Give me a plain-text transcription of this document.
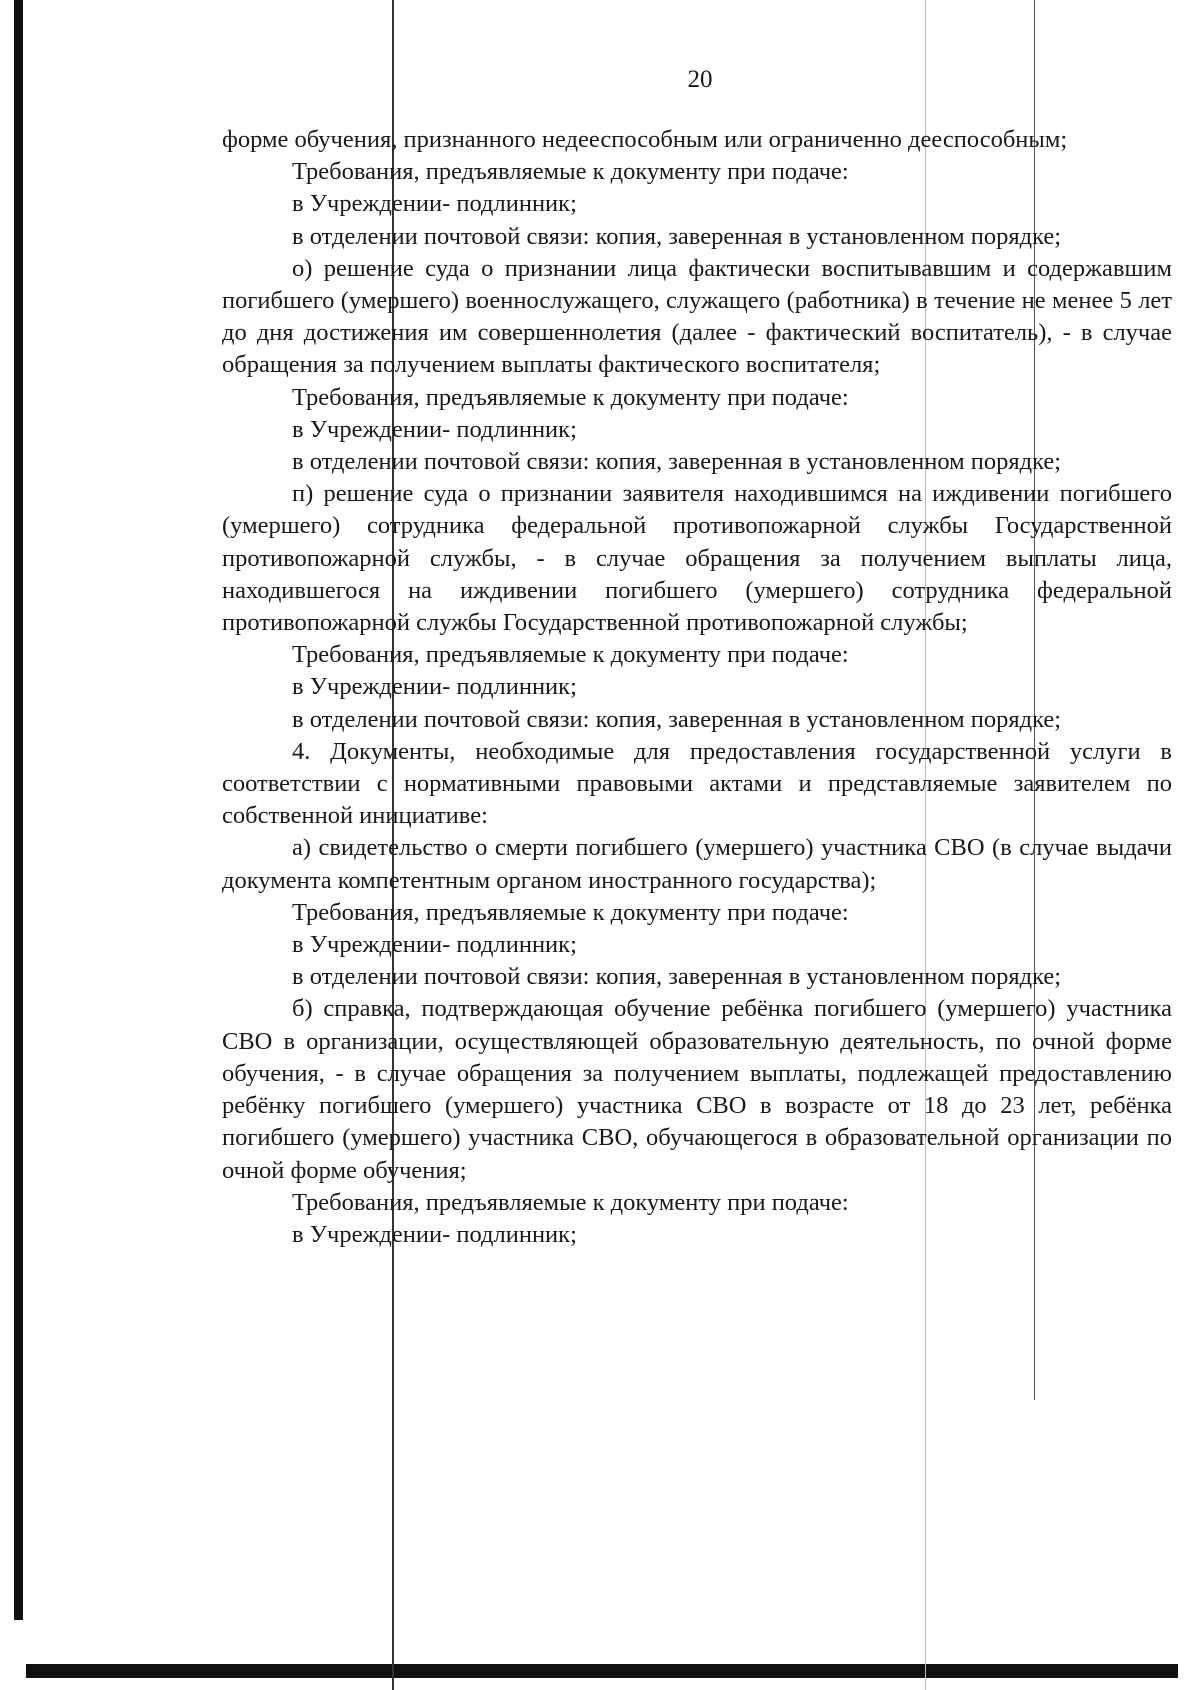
20

форме обучения, признанного недееспособным или ограниченно дееспособным;

Требования, предъявляемые к документу при подаче:

в Учреждении- подлинник;

в отделении почтовой связи: копия, заверенная в установленном порядке;

о) решение суда о признании лица фактически воспитывавшим и содержавшим погибшего (умершего) военнослужащего, служащего (работника) в течение не менее 5 лет до дня достижения им совершеннолетия (далее - фактический воспитатель), - в случае обращения за получением выплаты фактического воспитателя;

Требования, предъявляемые к документу при подаче:

в Учреждении- подлинник;

в отделении почтовой связи: копия, заверенная в установленном порядке;

п) решение суда о признании заявителя находившимся на иждивении погибшего (умершего) сотрудника федеральной противопожарной службы Государственной противопожарной службы, - в случае обращения за получением выплаты лица, находившегося на иждивении погибшего (умершего) сотрудника федеральной противопожарной службы Государственной противопожарной службы;

Требования, предъявляемые к документу при подаче:

в Учреждении- подлинник;

в отделении почтовой связи: копия, заверенная в установленном порядке;

4. Документы, необходимые для предоставления государственной услуги в соответствии с нормативными правовыми актами и представляемые заявителем по собственной инициативе:

а) свидетельство о смерти погибшего (умершего) участника СВО (в случае выдачи документа компетентным органом иностранного государства);

Требования, предъявляемые к документу при подаче:

в Учреждении- подлинник;

в отделении почтовой связи: копия, заверенная в установленном порядке;

б) справка, подтверждающая обучение ребёнка погибшего (умершего) участника СВО в организации, осуществляющей образовательную деятельность, по очной форме обучения, - в случае обращения за получением выплаты, подлежащей предоставлению ребёнку погибшего (умершего) участника СВО в возрасте от 18 до 23 лет, ребёнка погибшего (умершего) участника СВО, обучающегося в образовательной организации по очной форме обучения;

Требования, предъявляемые к документу при подаче:

в Учреждении- подлинник;
